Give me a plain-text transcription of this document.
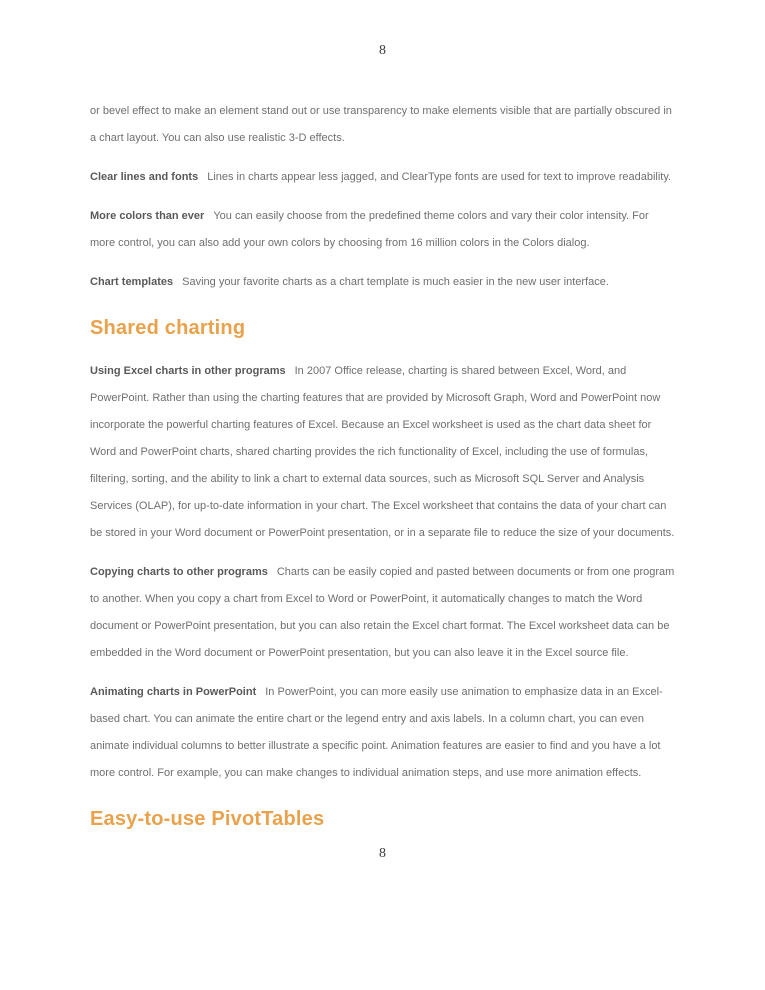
8

or bevel effect to make an element stand out or use transparency to make elements visible that are partially obscured in a chart layout. You can also use realistic 3-D effects.

Clear lines and fonts Lines in charts appear less jagged, and ClearType fonts are used for text to improve readability.

More colors than ever You can easily choose from the predefined theme colors and vary their color intensity. For more control, you can also add your own colors by choosing from 16 million colors in the Colors dialog.

Chart templates Saving your favorite charts as a chart template is much easier in the new user interface.

Shared charting

Using Excel charts in other programs In 2007 Office release, charting is shared between Excel, Word, and PowerPoint. Rather than using the charting features that are provided by Microsoft Graph, Word and PowerPoint now incorporate the powerful charting features of Excel. Because an Excel worksheet is used as the chart data sheet for Word and PowerPoint charts, shared charting provides the rich functionality of Excel, including the use of formulas, filtering, sorting, and the ability to link a chart to external data sources, such as Microsoft SQL Server and Analysis Services (OLAP), for up-to-date information in your chart. The Excel worksheet that contains the data of your chart can be stored in your Word document or PowerPoint presentation, or in a separate file to reduce the size of your documents.

Copying charts to other programs Charts can be easily copied and pasted between documents or from one program to another. When you copy a chart from Excel to Word or PowerPoint, it automatically changes to match the Word document or PowerPoint presentation, but you can also retain the Excel chart format. The Excel worksheet data can be embedded in the Word document or PowerPoint presentation, but you can also leave it in the Excel source file.

Animating charts in PowerPoint In PowerPoint, you can more easily use animation to emphasize data in an Excel-based chart. You can animate the entire chart or the legend entry and axis labels. In a column chart, you can even animate individual columns to better illustrate a specific point. Animation features are easier to find and you have a lot more control. For example, you can make changes to individual animation steps, and use more animation effects.

Easy-to-use PivotTables
8
